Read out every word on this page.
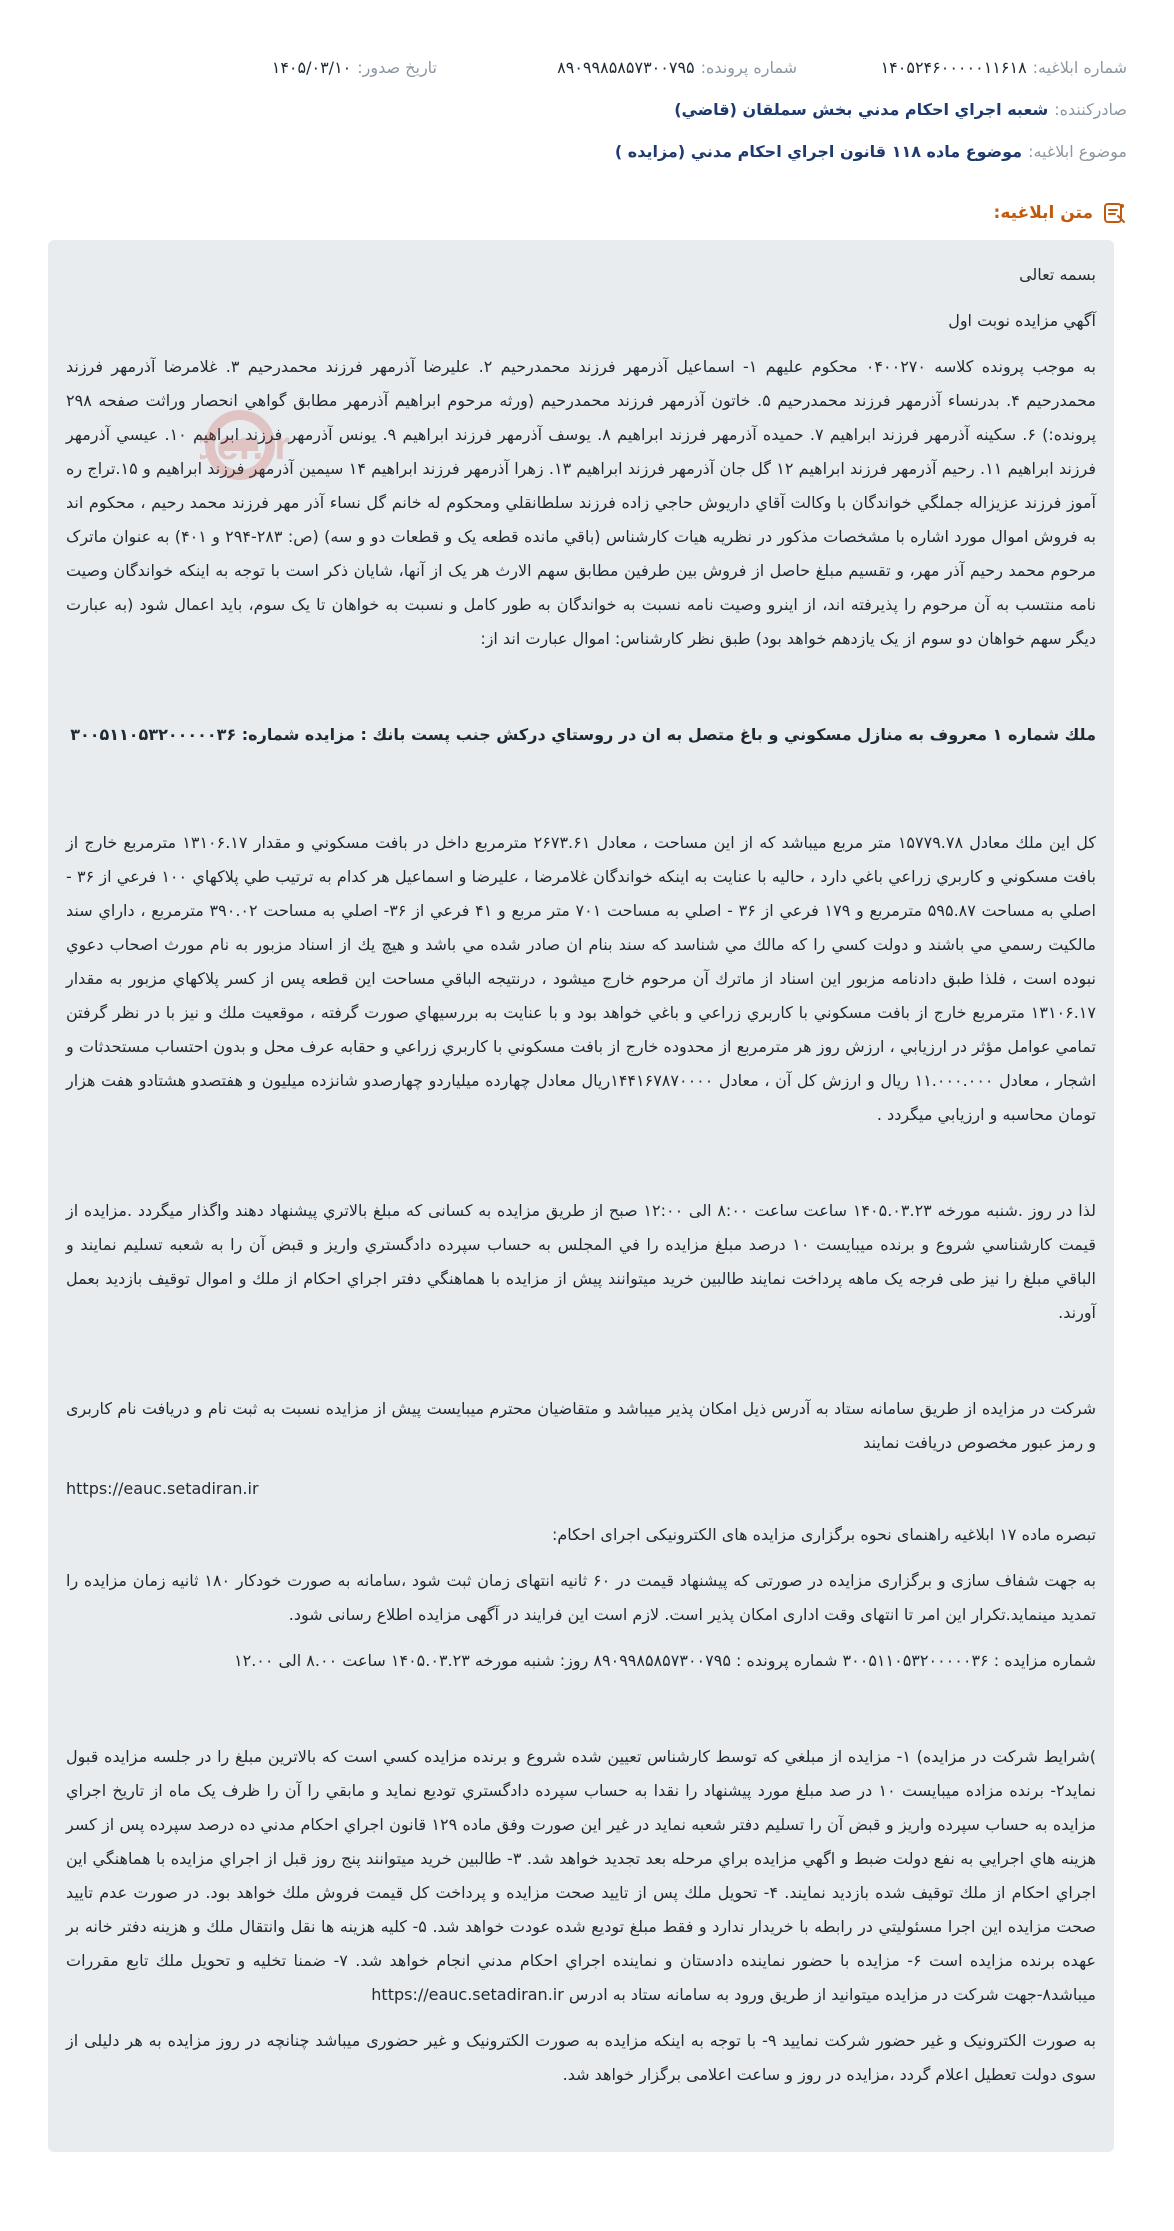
شماره ابلاغیه:
۱۴۰۵۲۴۶۰۰۰۰۰۱۱۶۱۸
شماره پرونده:
۸۹۰۹۹۸۵۸۵۷۳۰۰۷۹۵
تاریخ صدور:
۱۴۰۵/۰۳/۱۰
صادرکننده:
شعبه اجراي احكام مدني بخش سملقان (قاضي)
موضوع ابلاغیه:
موضوع ماده ۱۱۸ قانون اجراي احكام مدني (مزايده )
متن ابلاغیه:

بسمه تعالی

آگهي مزايده نوبت اول

به موجب پرونده كلاسه ۰۴۰۰۲۷۰ محكوم عليهم ۱- اسماعیل آذرمهر فرزند محمدرحیم ۲. علیرضا آذرمهر فرزند محمدرحیم ۳. غلامرضا آذرمهر فرزند محمدرحیم ۴. بدرنساء آذرمهر فرزند محمدرحیم ۵. خاتون آذرمهر فرزند محمدرحیم (ورثه مرحوم ابراهیم آذرمهر مطابق گواهي انحصار وراثت صفحه ۲۹۸ پرونده:) ۶. سکینه آذرمهر فرزند ابراهیم ۷. حمیده آذرمهر فرزند ابراهیم ۸. یوسف آذرمهر فرزند ابراهیم ۹. یونس آذرمهر فرزند ابراهیم ۱۰. عیسي آذرمهر فرزند ابراهیم ۱۱. رحیم آذرمهر فرزند ابراهیم ۱۲ گل جان آذرمهر فرزند ابراهیم ۱۳. زهرا آذرمهر فرزند ابراهیم ۱۴ سیمین آذرمهر فرزند ابراهیم و ۱۵.تراج ره آموز فرزند عزيزاله جملگي خواندگان با وكالت آقاي داريوش حاجي زاده فرزند سلطانقلي ومحكوم له خانم گل نساء آذر مهر فرزند محمد رحيم ، محكوم اند به فروش اموال مورد اشاره با مشخصات مذكور در نظريه هيات كارشناس (باقي مانده قطعه يک و قطعات دو و سه) (ص: ۲۸۳-۲۹۴ و ۴۰۱) به عنوان ماترک مرحوم محمد رحيم آذر مهر، و تقسيم مبلغ حاصل از فروش بين طرفين مطابق سهم الارث هر يک از آنها، شايان ذكر است با توجه به اينكه خواندگان وصيت نامه منتسب به آن مرحوم را پذيرفته اند، از اينرو وصيت نامه نسبت به خواندگان به طور كامل و نسبت به خواهان تا يک سوم، بايد اعمال شود (به عبارت ديگر سهم خواهان دو سوم از يک يازدهم خواهد بود) طبق نظر كارشناس: اموال عبارت اند از:

ملك شماره ۱ معروف به منازل مسكوني و باغ متصل به ان در روستاي دركش جنب پست بانك : مزایده شماره: ۳۰۰۵۱۱۰۵۳۲۰۰۰۰۰۳۶

كل اين ملك معادل ۱۵۷۷۹.۷۸ متر مربع ميباشد كه از اين مساحت ، معادل ۲۶۷۳.۶۱ مترمربع داخل در بافت مسكوني و مقدار ۱۳۱۰۶.۱۷ مترمربع خارج از بافت مسكوني و كاربري زراعي باغي دارد ، حاليه با عنايت به اينكه خواندگان غلامرضا ، عليرضا و اسماعيل هر كدام به ترتيب طي پلاكهاي ۱۰۰ فرعي از ۳۶ - اصلي به مساحت ۵۹۵.۸۷ مترمربع و ۱۷۹ فرعي از ۳۶ - اصلي به مساحت ۷۰۱ متر مربع و ۴۱ فرعي از ۳۶- اصلي به مساحت ۳۹۰.۰۲ مترمربع ، داراي سند مالكيت رسمي مي باشند و دولت كسي را كه مالك مي شناسد كه سند بنام ان صادر شده مي باشد و هيچ يك از اسناد مزبور به نام مورث اصحاب دعوي نبوده است ، فلذا طبق دادنامه مزبور اين اسناد از ماترك آن مرحوم خارج ميشود ، درنتيجه الباقي مساحت اين قطعه پس از كسر پلاكهاي مزبور به مقدار ۱۳۱۰۶.۱۷ مترمربع خارج از بافت مسكوني با كاربري زراعي و باغي خواهد بود و با عنايت به بررسيهاي صورت گرفته ، موقعيت ملك و نيز با در نظر گرفتن تمامي عوامل مؤثر در ارزيابي ، ارزش روز هر مترمربع از محدوده خارج از بافت مسكوني با كاربري زراعي و حقابه عرف محل و بدون احتساب مستحدثات و اشجار ، معادل ۱۱.۰۰۰.۰۰۰ ريال و ارزش كل آن ، معادل ۱۴۴۱۶۷۸۷۰۰۰۰ريال معادل چهارده ميلياردو چهارصدو شانزده ميليون و هفتصدو هشتادو هفت هزار تومان محاسبه و ارزيابي ميگردد .

لذا در روز .شنبه مورخه ۱۴۰۵.۰۳.۲۳ ساعت ساعت ۸:۰۰ الی ۱۲:۰۰ صبح از طريق مزايده به كسانی كه مبلغ بالاتري پيشنهاد دهند واگذار ميگردد .مزايده از قيمت كارشناسي شروع و برنده ميبايست ۱۰ درصد مبلغ مزايده را في المجلس به حساب سپرده دادگستري واريز و قبض آن را به شعبه تسليم نمايند و الباقي مبلغ را نيز طی فرجه يک ماهه پرداخت نمايند طالبين خريد ميتوانند پيش از مزايده با هماهنگي دفتر اجراي احكام از ملك و اموال توقيف بازديد بعمل آورند.

شركت در مزايده از طريق سامانه ستاد به آدرس ذيل امكان پذير ميباشد و متقاضيان محترم ميبايست پيش از مزايده نسبت به ثبت نام و دريافت نام كاربری و رمز عبور مخصوص دريافت نمايند

https://eauc.setadiran.ir

تبصره ماده ۱۷ ابلاغیه راهنمای نحوه برگزاری مزایده های الکترونیکی اجرای احکام:

به جهت شفاف سازی و برگزاری مزایده در صورتی که پیشنهاد قیمت در ۶۰ ثانیه انتهای زمان ثبت شود ،سامانه به صورت خودکار ۱۸۰ ثانیه زمان مزایده را تمدید مینماید.تکرار این امر تا انتهای وقت اداری امکان پذیر است. لازم است این فرایند در آگهی مزایده اطلاع رسانی شود.

شماره مزایده : ۳۰۰۵۱۱۰۵۳۲۰۰۰۰۰۳۶ شماره پرونده : ۸۹۰۹۹۸۵۸۵۷۳۰۰۷۹۵ روز: شنبه مورخه ۱۴۰۵.۰۳.۲۳ ساعت ۸.۰۰ الی ۱۲.۰۰

)شرايط شركت در مزايده) ۱- مزايده از مبلغي كه توسط كارشناس تعيين شده شروع و برنده مزايده كسي است كه بالاترين مبلغ را در جلسه مزايده قبول نمايد۲- برنده مزاده ميبايست ۱۰ در صد مبلغ مورد پيشنهاد را نقدا به حساب سپرده دادگستري توديع نمايد و مابقي را آن را ظرف يک ماه از تاريخ اجراي مزايده به حساب سپرده واريز و قبض آن را تسليم دفتر شعبه نمايد در غير اين صورت وفق ماده ۱۲۹ قانون اجراي احكام مدني ده درصد سپرده پس از كسر هزينه هاي اجرايي به نفع دولت ضبط و اگهي مزايده براي مرحله بعد تجديد خواهد شد. ۳- طالبين خريد ميتوانند پنج روز قبل از اجراي مزايده با هماهنگي اين اجراي احكام از ملك توقيف شده بازديد نمايند. ۴- تحويل ملك پس از تاييد صحت مزايده و پرداخت كل قيمت فروش ملك خواهد بود. در صورت عدم تاييد صحت مزايده اين اجرا مسئوليتي در رابطه با خريدار ندارد و فقط مبلغ توديع شده عودت خواهد شد. ۵- كليه هزينه ها نقل وانتقال ملك و هزينه دفتر خانه بر عهده برنده مزايده است ۶- مزايده با حضور نماينده دادستان و نماينده اجراي احكام مدني انجام خواهد شد. ۷- ضمنا تخليه و تحويل ملك تابع مقررات ميباشد۸-جهت شركت در مزايده ميتوانيد از طريق ورود به سامانه ستاد به ادرس https://eauc.setadiran.ir

به صورت الکترونیک و غیر حضور شرکت نمایید ۹- با توجه به اینکه مزایده به صورت الکترونیک و غیر حضوری میباشد چنانچه در روز مزایده به هر دلیلی از سوی دولت تعطیل اعلام گردد ،مزایده در روز و ساعت اعلامی برگزار خواهد شد.

der.ir
